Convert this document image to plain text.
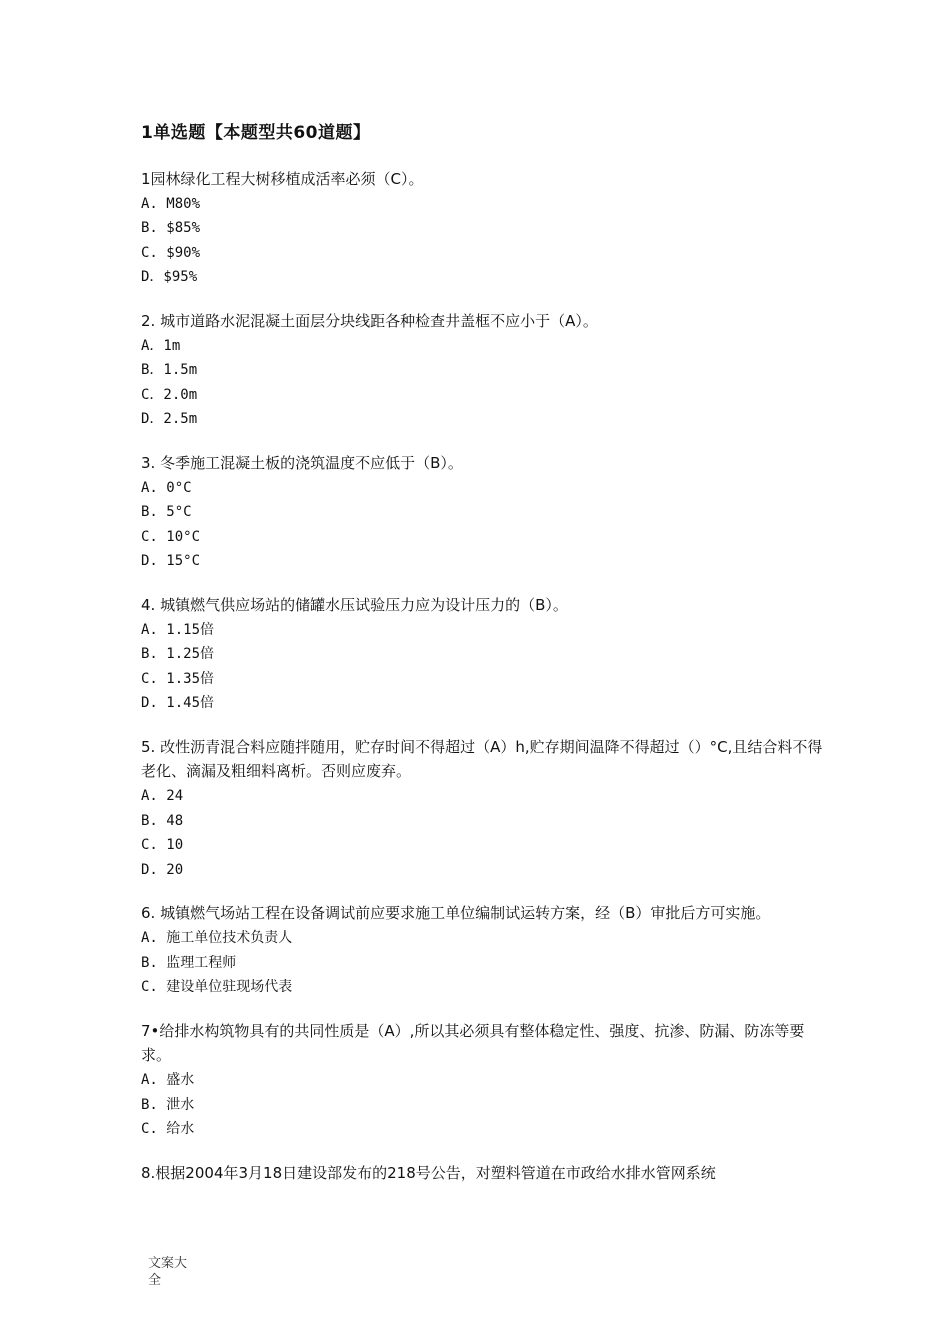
1单选题【本题型共60道题】

1园林绿化工程大树移植成活率必须（C）。

A. M80%
B. $85%
C. $90%
D．$95%

2. 城市道路水泥混凝土面层分块线距各种检查井盖框不应小于（A）。

A．1m
B．1.5m
C．2.0m
D．2.5m

3. 冬季施工混凝土板的浇筑温度不应低于（B）。

A. 0°C
B. 5°C
C. 10°C
D. 15°C

4. 城镇燃气供应场站的储罐水压试验压力应为设计压力的（B）。

A. 1.15倍
B. 1.25倍
C. 1.35倍
D. 1.45倍

5. 改性沥青混合料应随拌随用，贮存时间不得超过（A）h,贮存期间温降不得超过（）°C,且结合料不得老化、滴漏及粗细料离析。否则应废弃。

A. 24
B. 48
C. 10
D. 20

6. 城镇燃气场站工程在设备调试前应要求施工单位编制试运转方案，经（B）审批后方可实施。

A. 施工单位技术负责人
B. 监理工程师
C. 建设单位驻现场代表

7•给排水构筑物具有的共同性质是（A）,所以其必须具有整体稳定性、强度、抗渗、防漏、防冻等要求。

A. 盛水
B. 泄水
C. 给水

8.根据2004年3月18日建设部发布的218号公告，对塑料管道在市政给水排水管网系统

文案大全
